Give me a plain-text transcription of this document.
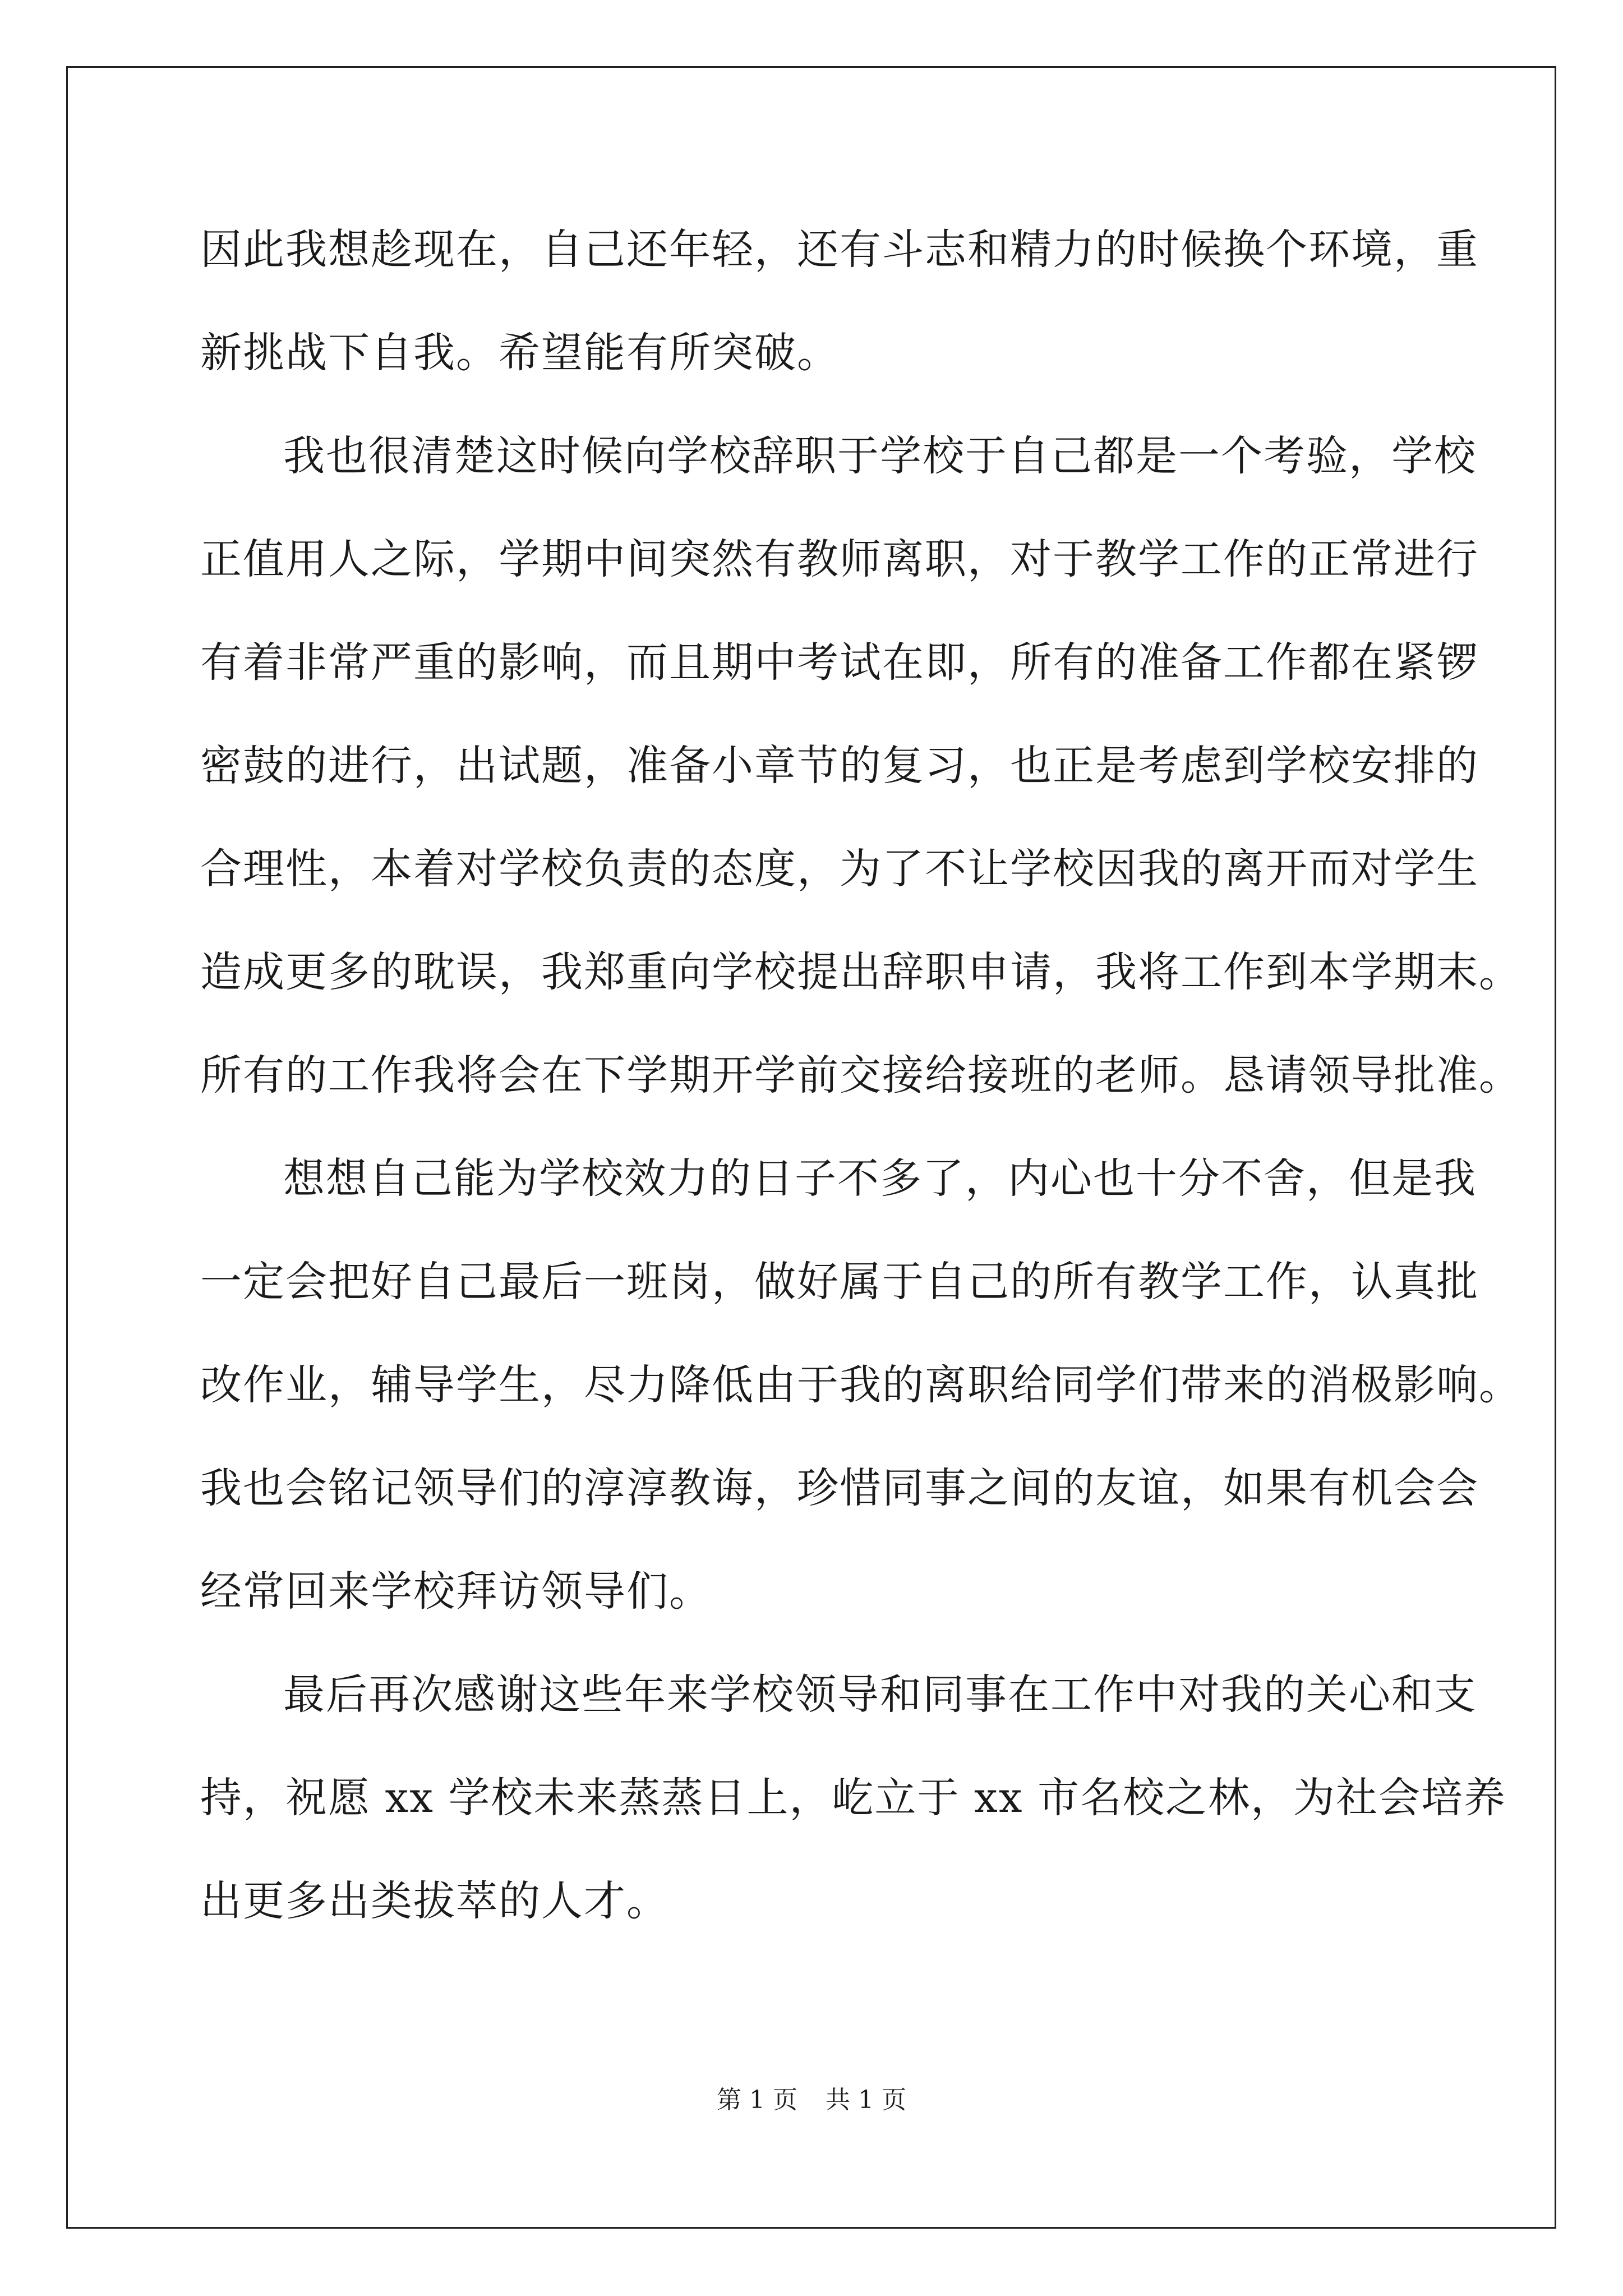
因此我想趁现在，自己还年轻，还有斗志和精力的时候换个环境，重
新挑战下自我。希望能有所突破。
我也很清楚这时候向学校辞职于学校于自己都是一个考验，学校
正值用人之际，学期中间突然有教师离职，对于教学工作的正常进行
有着非常严重的影响，而且期中考试在即，所有的准备工作都在紧锣
密鼓的进行，出试题，准备小章节的复习，也正是考虑到学校安排的
合理性，本着对学校负责的态度，为了不让学校因我的离开而对学生
造成更多的耽误，我郑重向学校提出辞职申请，我将工作到本学期末。
所有的工作我将会在下学期开学前交接给接班的老师。恳请领导批准。
想想自己能为学校效力的日子不多了，内心也十分不舍，但是我
一定会把好自己最后一班岗，做好属于自己的所有教学工作，认真批
改作业，辅导学生，尽力降低由于我的离职给同学们带来的消极影响。
我也会铭记领导们的淳淳教诲，珍惜同事之间的友谊，如果有机会会
经常回来学校拜访领导们。
最后再次感谢这些年来学校领导和同事在工作中对我的关心和支
持，祝愿 xx 学校未来蒸蒸日上，屹立于 xx 市名校之林，为社会培养
出更多出类拔萃的人才。
第 1 页 共 1 页
